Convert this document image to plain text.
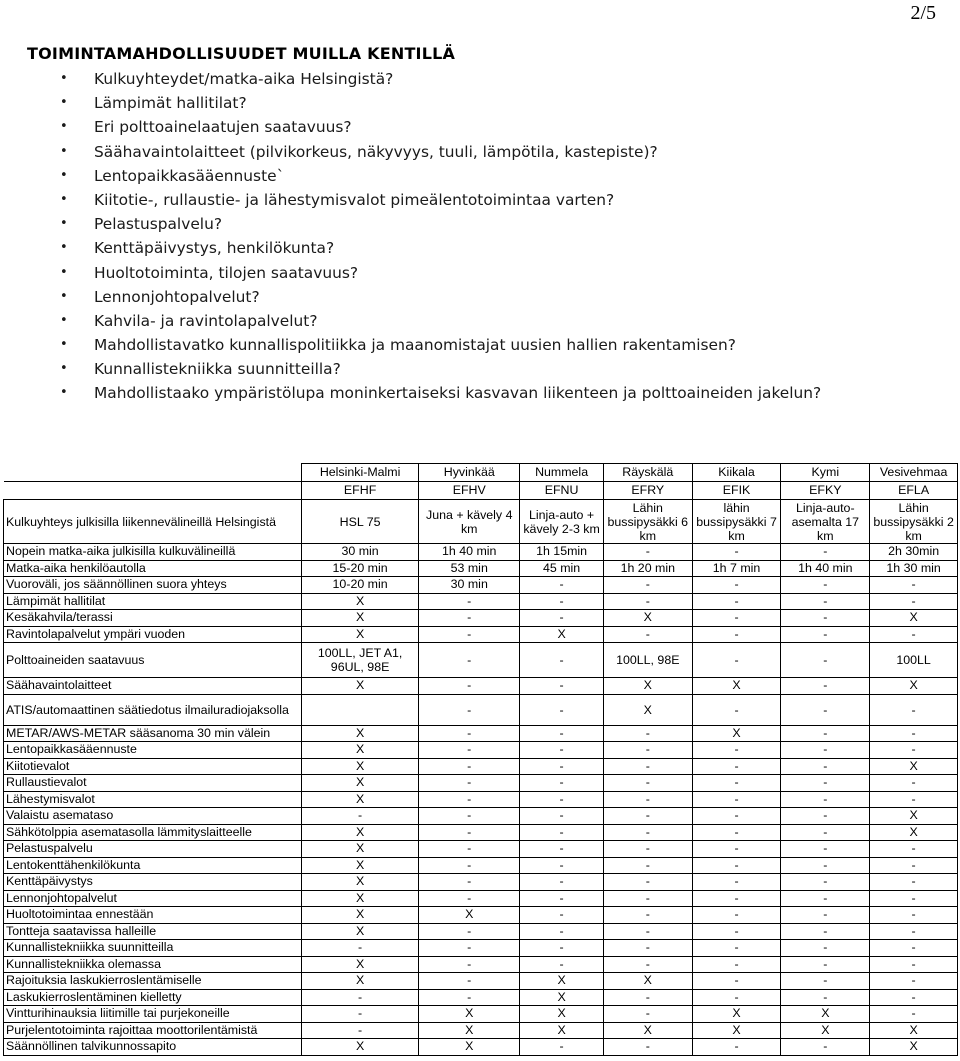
2/5
TOIMINTAMAHDOLLISUUDET MUILLA KENTILLÄ
• Kulkuyhteydet/matka-aika Helsingistä?
• Lämpimät hallitilat?
• Eri polttoainelaatujen saatavuus?
• Säähavaintolaitteet (pilvikorkeus, näkyvyys, tuuli, lämpötila, kastepiste)?
• Lentopaikkasääennuste`
• Kiitotie-, rullaustie- ja lähestymisvalot pimeälentotoimintaa varten?
• Pelastuspalvelu?
• Kenttäpäivystys, henkilökunta?
• Huoltotoiminta, tilojen saatavuus?
• Lennonjohtopalvelut?
• Kahvila- ja ravintolapalvelut?
• Mahdollistavatko kunnallispolitiikka ja maanomistajat uusien hallien rakentamisen?
• Kunnallistekniikka suunnitteilla?
• Mahdollistaako ympäristölupa moninkertaiseksi kasvavan liikenteen ja polttoaineiden jakelun?
	Helsinki-Malmi	Hyvinkää	Nummela	Räyskälä	Kiikala	Kymi	Vesivehmaa
	EFHF	EFHV	EFNU	EFRY	EFIK	EFKY	EFLA
Kulkuyhteys julkisilla liikennevälineillä Helsingistä	HSL 75	Juna + kävely 4 km	Linja-auto + kävely 2-3 km	Lähin bussipysäkki 6 km	lähin bussipysäkki 7 km	Linja-auto-asemalta 17 km	Lähin bussipysäkki 2 km
Nopein matka-aika julkisilla kulkuvälineillä	30 min	1h 40 min	1h 15min	-	-	-	2h 30min
Matka-aika henkilöautolla	15-20 min	53 min	45 min	1h 20 min	1h 7 min	1h 40 min	1h 30 min
Vuoroväli, jos säännöllinen suora yhteys	10-20 min	30 min	-	-	-	-	-
Lämpimät hallitilat	X	-	-	-	-	-	-
Kesäkahvila/terassi	X	-	-	X	-	-	X
Ravintolapalvelut ympäri vuoden	X	-	X	-	-	-	-
Polttoaineiden saatavuus	100LL, JET A1, 96UL, 98E	-	-	100LL, 98E	-	-	100LL
Säähavaintolaitteet	X	-	-	X	X	-	X
ATIS/automaattinen säätiedotus ilmailuradiojaksolla		-	-	X	-	-	-
METAR/AWS-METAR sääsanoma 30 min välein	X	-	-	-	X	-	-
Lentopaikkasääennuste	X	-	-	-	-	-	-
Kiitotievalot	X	-	-	-	-	-	X
Rullaustievalot	X	-	-	-	-	-	-
Lähestymisvalot	X	-	-	-	-	-	-
Valaistu asemataso	-	-	-	-	-	-	X
Sähkötolppia asematasolla lämmityslaitteelle	X	-	-	-	-	-	X
Pelastuspalvelu	X	-	-	-	-	-	-
Lentokenttähenkilökunta	X	-	-	-	-	-	-
Kenttäpäivystys	X	-	-	-	-	-	-
Lennonjohtopalvelut	X	-	-	-	-	-	-
Huoltotoimintaa ennestään	X	X	-	-	-	-	-
Tontteja saatavissa halleille	X	-	-	-	-	-	-
Kunnallistekniikka suunnitteilla	-	-	-	-	-	-	-
Kunnallistekniikka olemassa	X	-	-	-	-	-	-
Rajoituksia laskukierroslentämiselle	X	-	X	X	-	-	-
Laskukierroslentäminen kielletty	-	-	X	-	-	-	-
Vintturihinauksia liitimille tai purjekoneille	-	X	X	-	X	X	-
Purjelentotoiminta rajoittaa moottorilentämistä	-	X	X	X	X	X	X
Säännöllinen talvikunnossapito	X	X	-	-	-	-	X
